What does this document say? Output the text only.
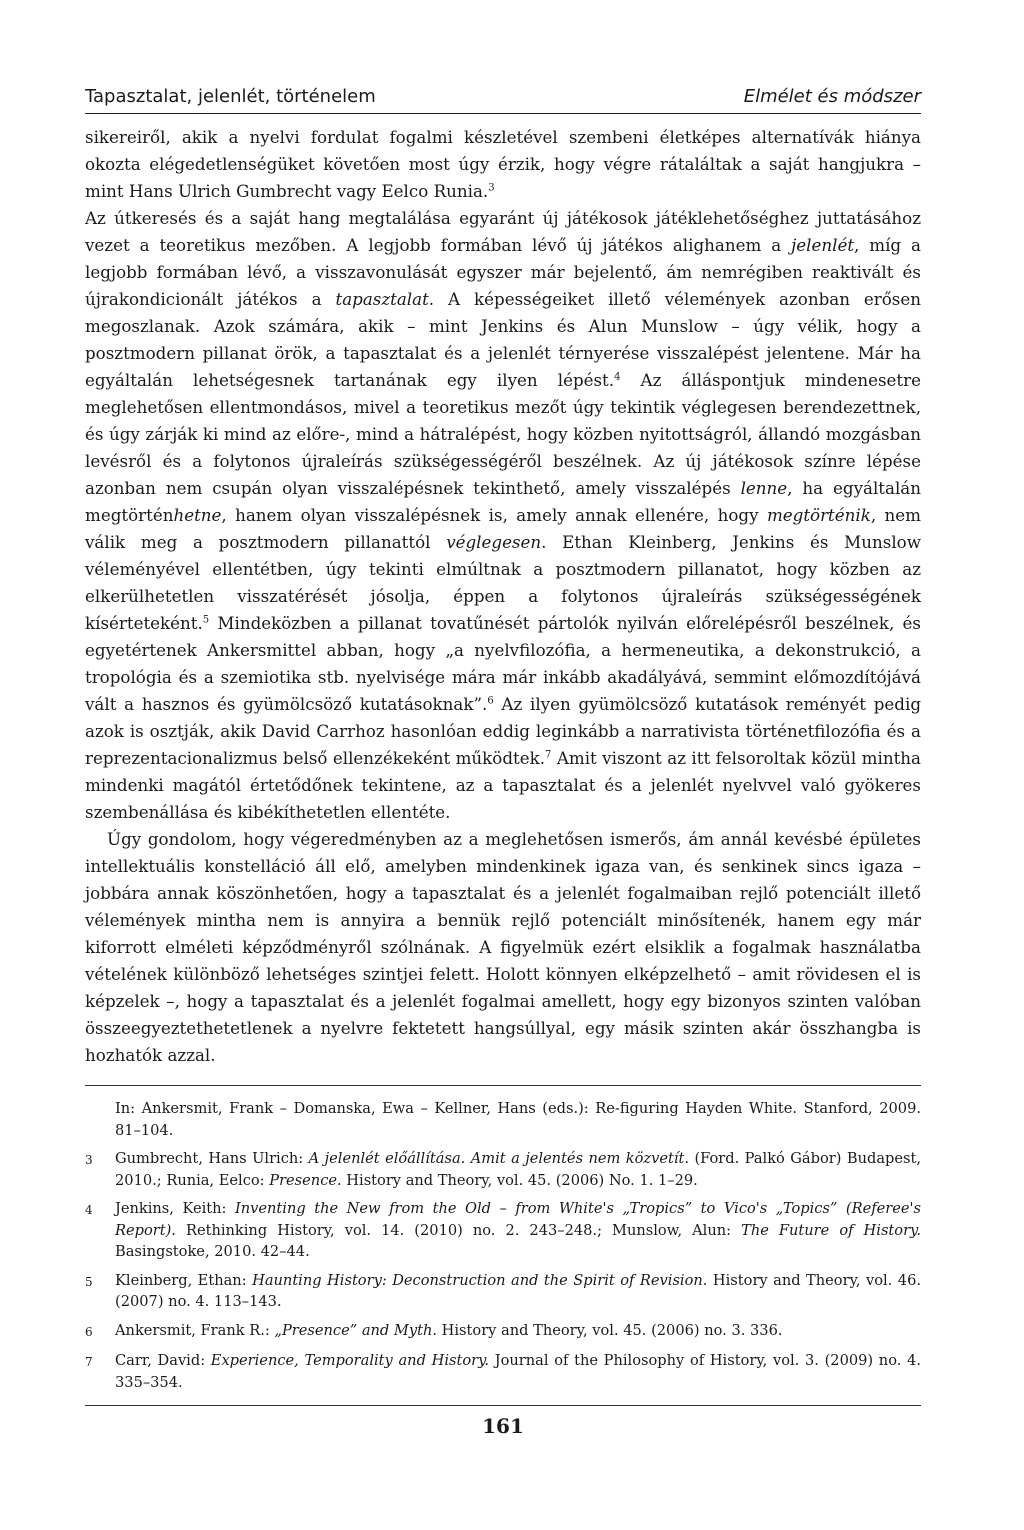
Tapasztalat, jelenlét, történelem	Elmélet és módszer

sikereiről, akik a nyelvi fordulat fogalmi készletével szembeni életképes alternatívák hiánya okozta elégedetlenségüket követően most úgy érzik, hogy végre rátaláltak a saját hangjukra – mint Hans Ulrich Gumbrecht vagy Eelco Runia.$^3$

Az útkeresés és a saját hang megtalálása egyaránt új játékosok játéklehetőséghez juttatásához vezet a teoretikus mezőben. A legjobb formában lévő új játékos alighanem a jelenlét, míg a legjobb formában lévő, a visszavonulását egyszer már bejelentő, ám nemrégiben reaktivált és újrakondicionált játékos a tapasztalat. A képességeiket illető vélemények azonban erősen megoszlanak. Azok számára, akik – mint Jenkins és Alun Munslow – úgy vélik, hogy a posztmodern pillanat örök, a tapasztalat és a jelenlét térnyerése visszalépést jelentene. Már ha egyáltalán lehetségesnek tartanának egy ilyen lépést.$^4$ Az álláspontjuk mindenesetre meglehetősen ellentmondásos, mivel a teoretikus mezőt úgy tekintik véglegesen berendezettnek, és úgy zárják ki mind az előre-, mind a hátralépést, hogy közben nyitottságról, állandó mozgásban levésről és a folytonos újraleírás szükségességéről beszélnek. Az új játékosok színre lépése azonban nem csupán olyan visszalépésnek tekinthető, amely visszalépés lenne, ha egyáltalán megtörténhetne, hanem olyan visszalépésnek is, amely annak ellenére, hogy megtörténik, nem válik meg a posztmodern pillanattól véglegesen. Ethan Kleinberg, Jenkins és Munslow véleményével ellentétben, úgy tekinti elmúltnak a posztmodern pillanatot, hogy közben az elkerülhetetlen visszatérését jósolja, éppen a folytonos újraleírás szükségességének kísérteteként.$^5$ Mindeközben a pillanat tovatűnését pártolók nyilván előrelépésről beszélnek, és egyetértenek Ankersmittel abban, hogy „a nyelvfilozófia, a hermeneutika, a dekonstrukció, a tropológia és a szemiotika stb. nyelvisége mára már inkább akadályává, semmint előmozdítójává vált a hasznos és gyümölcsöző kutatásoknak”.$^6$ Az ilyen gyümölcsöző kutatások reményét pedig azok is osztják, akik David Carrhoz hasonlóan eddig leginkább a narrativista történetfilozófia és a reprezentacionalizmus belső ellenzékeként működtek.$^7$ Amit viszont az itt felsoroltak közül mintha mindenki magától értetődőnek tekintene, az a tapasztalat és a jelenlét nyelvvel való gyökeres szembenállása és kibékíthetetlen ellentéte.

Úgy gondolom, hogy végeredményben az a meglehetősen ismerős, ám annál kevésbé épületes intellektuális konstelláció áll elő, amelyben mindenkinek igaza van, és senkinek sincs igaza – jobbára annak köszönhetően, hogy a tapasztalat és a jelenlét fogalmaiban rejlő potenciált illető vélemények mintha nem is annyira a bennük rejlő potenciált minősítenék, hanem egy már kiforrott elméleti képződményről szólnának. A figyelmük ezért elsiklik a fogalmak használatba vételének különböző lehetséges szintjei felett. Holott könnyen elképzelhető – amit rövidesen el is képzelek –, hogy a tapasztalat és a jelenlét fogalmai amellett, hogy egy bizonyos szinten valóban összeegyeztethetetlenek a nyelvre fektetett hangsúllyal, egy másik szinten akár összhangba is hozhatók azzal.

In: Ankersmit, Frank – Domanska, Ewa – Kellner, Hans (eds.): Re-figuring Hayden White. Stanford, 2009. 81–104.
3	Gumbrecht, Hans Ulrich: A jelenlét előállítása. Amit a jelentés nem közvetít. (Ford. Palkó Gábor) Budapest, 2010.; Runia, Eelco: Presence. History and Theory, vol. 45. (2006) No. 1. 1–29.
4	Jenkins, Keith: Inventing the New from the Old – from White's „Tropics” to Vico's „Topics” (Referee's Report). Rethinking History, vol. 14. (2010) no. 2. 243–248.; Munslow, Alun: The Future of History. Basingstoke, 2010. 42–44.
5	Kleinberg, Ethan: Haunting History: Deconstruction and the Spirit of Revision. History and Theory, vol. 46. (2007) no. 4. 113–143.
6	Ankersmit, Frank R.: „Presence” and Myth. History and Theory, vol. 45. (2006) no. 3. 336.
7	Carr, David: Experience, Temporality and History. Journal of the Philosophy of History, vol. 3. (2009) no. 4. 335–354.
161
